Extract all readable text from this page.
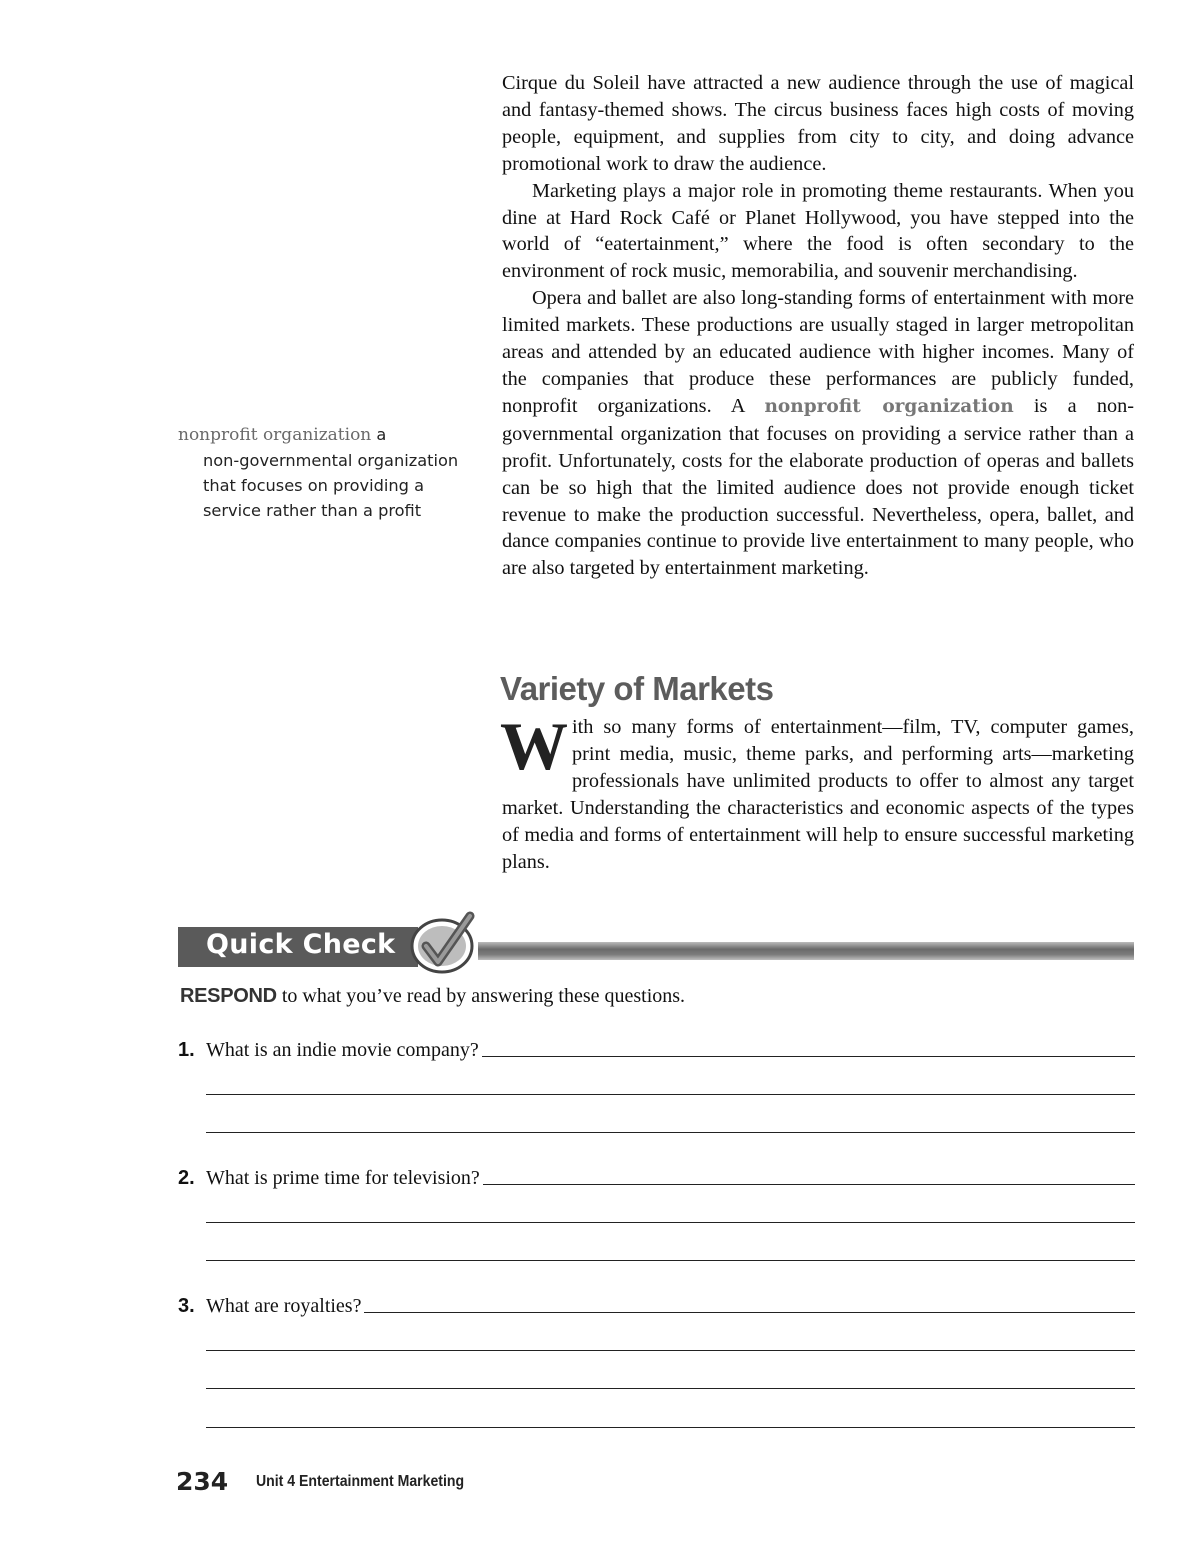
Cirque du Soleil have attracted a new audience through the use of magical and fantasy-themed shows. The circus business faces high costs of moving people, equipment, and supplies from city to city, and doing advance promotional work to draw the audience.

Marketing plays a major role in promoting theme restaurants. When you dine at Hard Rock Café or Planet Hollywood, you have stepped into the world of “eatertainment,” where the food is often secondary to the environment of rock music, memorabilia, and souvenir merchandising.

Opera and ballet are also long-standing forms of entertainment with more limited markets. These productions are usually staged in larger metropolitan areas and attended by an educated audience with higher incomes. Many of the companies that produce these performances are publicly funded, nonprofit organizations. A nonprofit organization is a non-governmental organization that focuses on providing a service rather than a profit. Unfortunately, costs for the elaborate production of operas and ballets can be so high that the limited audience does not provide enough ticket revenue to make the production successful. Nevertheless, opera, ballet, and dance companies continue to provide live entertainment to many people, who are also targeted by entertainment marketing.

nonprofit organization a
non-governmental organization
that focuses on providing a
service rather than a profit
Variety of Markets

With so many forms of entertainment—film, TV, computer games, print media, music, theme parks, and performing arts—marketing professionals have unlimited products to offer to almost any target market. Understanding the characteristics and economic aspects of the types of media and forms of entertainment will help to ensure successful marketing plans.

Quick Check
RESPOND to what you’ve read by answering these questions.
1. What is an indie movie company?
2. What is prime time for television?
3. What are royalties?
234 Unit 4 Entertainment Marketing
